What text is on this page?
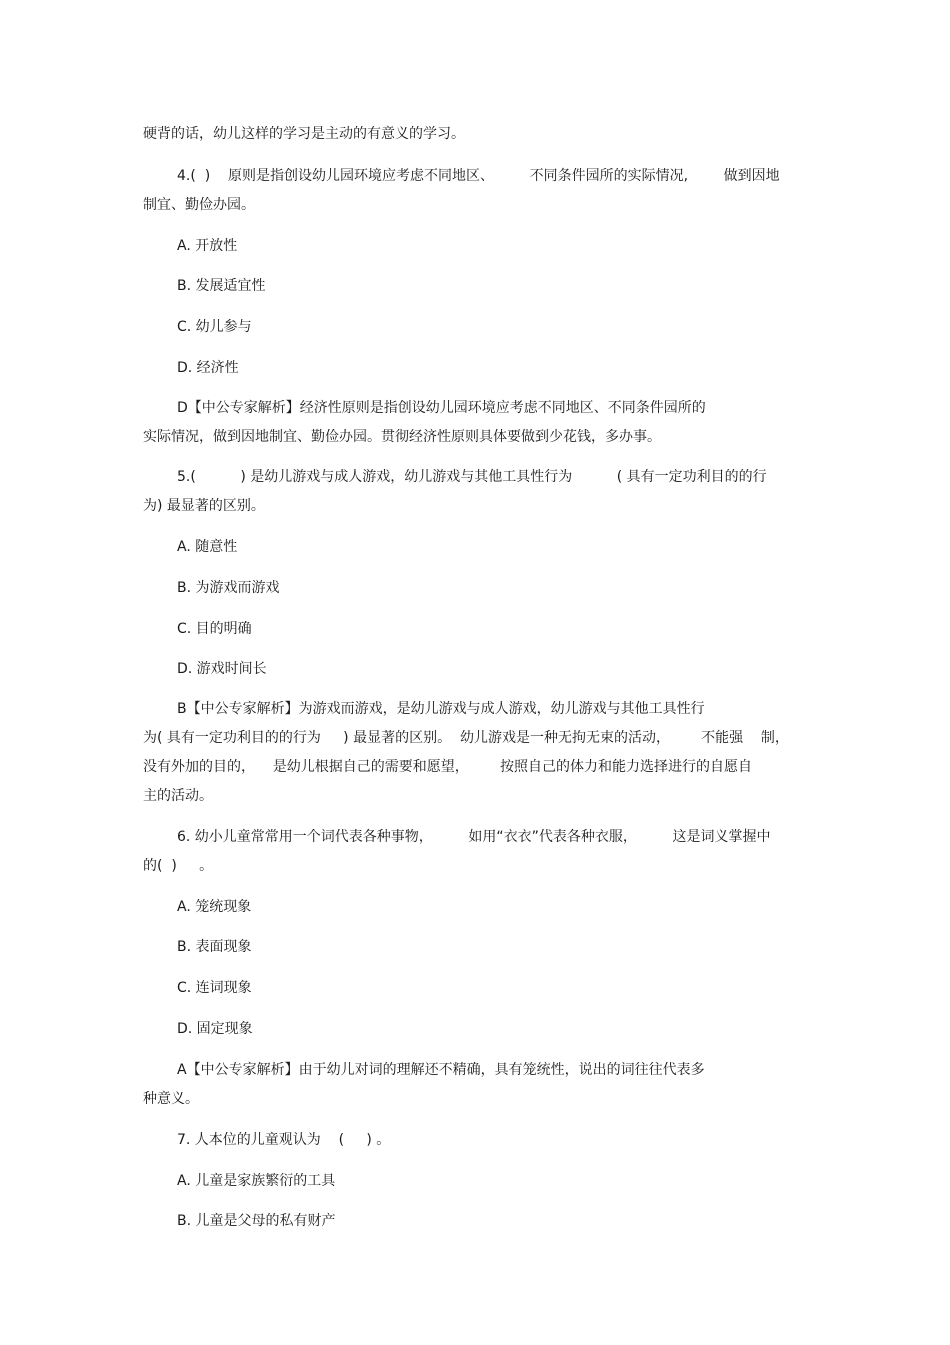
硬背的话，幼儿这样的学习是主动的有意义的学习。
4.(  )    原则是指创设幼儿园环境应考虑不同地区、        不同条件园所的实际情况,        做到因地
制宜、勤俭办园。
A. 开放性
B. 发展适宜性
C. 幼儿参与
D. 经济性
D【中公专家解析】经济性原则是指创设幼儿园环境应考虑不同地区、不同条件园所的
实际情况，做到因地制宜、勤俭办园。贯彻经济性原则具体要做到少花钱，多办事。
5.(          ) 是幼儿游戏与成人游戏，幼儿游戏与其他工具性行为          ( 具有一定功利目的的行
为) 最显著的区别。
A. 随意性
B. 为游戏而游戏
C. 目的明确
D. 游戏时间长
B【中公专家解析】为游戏而游戏，是幼儿游戏与成人游戏，幼儿游戏与其他工具性行
为( 具有一定功利目的的行为     ) 最显著的区别。  幼儿游戏是一种无拘无束的活动，       不能强    制，
没有外加的目的，    是幼儿根据自己的需要和愿望，       按照自己的体力和能力选择进行的自愿自
主的活动。
6. 幼小儿童常常用一个词代表各种事物，        如用“衣衣”代表各种衣服，        这是词义掌握中
的(  )     。
A. 笼统现象
B. 表面现象
C. 连词现象
D. 固定现象
A【中公专家解析】由于幼儿对词的理解还不精确，具有笼统性，说出的词往往代表多
种意义。
7. 人本位的儿童观认为    (     ) 。
A. 儿童是家族繁衍的工具
B. 儿童是父母的私有财产
